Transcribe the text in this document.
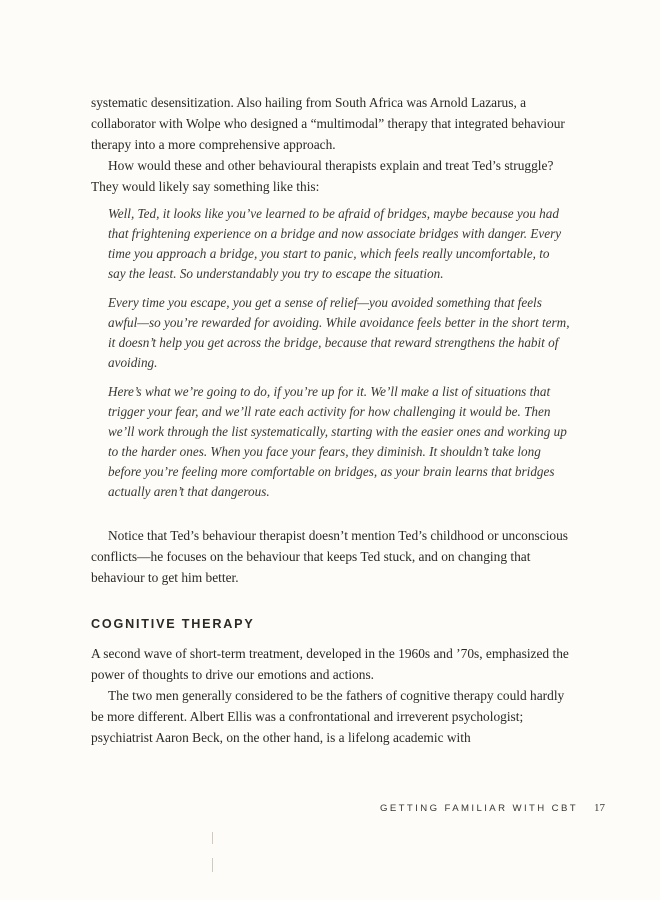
systematic desensitization. Also hailing from South Africa was Arnold Lazarus, a collaborator with Wolpe who designed a “multimodal” therapy that integrated behaviour therapy into a more comprehensive approach.

How would these and other behavioural therapists explain and treat Ted’s struggle? They would likely say something like this:

Well, Ted, it looks like you’ve learned to be afraid of bridges, maybe because you had that frightening experience on a bridge and now associate bridges with danger. Every time you approach a bridge, you start to panic, which feels really uncomfortable, to say the least. So understandably you try to escape the situation.

Every time you escape, you get a sense of relief—you avoided something that feels awful—so you’re rewarded for avoiding. While avoidance feels better in the short term, it doesn’t help you get across the bridge, because that reward strengthens the habit of avoiding.

Here’s what we’re going to do, if you’re up for it. We’ll make a list of situations that trigger your fear, and we’ll rate each activity for how challenging it would be. Then we’ll work through the list systematically, starting with the easier ones and working up to the harder ones. When you face your fears, they diminish. It shouldn’t take long before you’re feeling more comfortable on bridges, as your brain learns that bridges actually aren’t that dangerous.

Notice that Ted’s behaviour therapist doesn’t mention Ted’s childhood or unconscious conflicts—he focuses on the behaviour that keeps Ted stuck, and on changing that behaviour to get him better.

COGNITIVE THERAPY

A second wave of short-term treatment, developed in the 1960s and ’70s, emphasized the power of thoughts to drive our emotions and actions.

The two men generally considered to be the fathers of cognitive therapy could hardly be more different. Albert Ellis was a confrontational and irreverent psychologist; psychiatrist Aaron Beck, on the other hand, is a lifelong academic with

GETTING FAMILIAR WITH CBT 17
